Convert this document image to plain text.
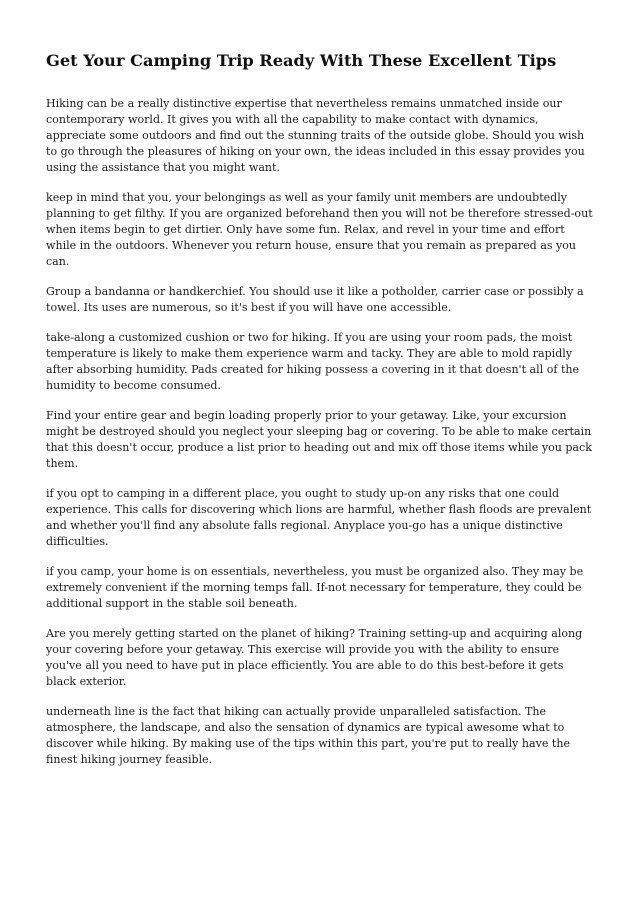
Get Your Camping Trip Ready With These Excellent Tips

Hiking can be a really distinctive expertise that nevertheless remains unmatched inside our contemporary world. It gives you with all the capability to make contact with dynamics, appreciate some outdoors and find out the stunning traits of the outside globe. Should you wish to go through the pleasures of hiking on your own, the ideas included in this essay provides you using the assistance that you might want.

keep in mind that you, your belongings as well as your family unit members are undoubtedly planning to get filthy. If you are organized beforehand then you will not be therefore stressed-out when items begin to get dirtier. Only have some fun. Relax, and revel in your time and effort while in the outdoors. Whenever you return house, ensure that you remain as prepared as you can.

Group a bandanna or handkerchief. You should use it like a potholder, carrier case or possibly a towel. Its uses are numerous, so it's best if you will have one accessible.

take-along a customized cushion or two for hiking. If you are using your room pads, the moist temperature is likely to make them experience warm and tacky. They are able to mold rapidly after absorbing humidity. Pads created for hiking possess a covering in it that doesn't all of the humidity to become consumed.

Find your entire gear and begin loading properly prior to your getaway. Like, your excursion might be destroyed should you neglect your sleeping bag or covering. To be able to make certain that this doesn't occur, produce a list prior to heading out and mix off those items while you pack them.

if you opt to camping in a different place, you ought to study up-on any risks that one could experience. This calls for discovering which lions are harmful, whether flash floods are prevalent and whether you'll find any absolute falls regional. Anyplace you-go has a unique distinctive difficulties.

if you camp, your home is on essentials, nevertheless, you must be organized also. They may be extremely convenient if the morning temps fall. If-not necessary for temperature, they could be additional support in the stable soil beneath.

Are you merely getting started on the planet of hiking? Training setting-up and acquiring along your covering before your getaway. This exercise will provide you with the ability to ensure you've all you need to have put in place efficiently. You are able to do this best-before it gets black exterior.

underneath line is the fact that hiking can actually provide unparalleled satisfaction. The atmosphere, the landscape, and also the sensation of dynamics are typical awesome what to discover while hiking. By making use of the tips within this part, you're put to really have the finest hiking journey feasible.
